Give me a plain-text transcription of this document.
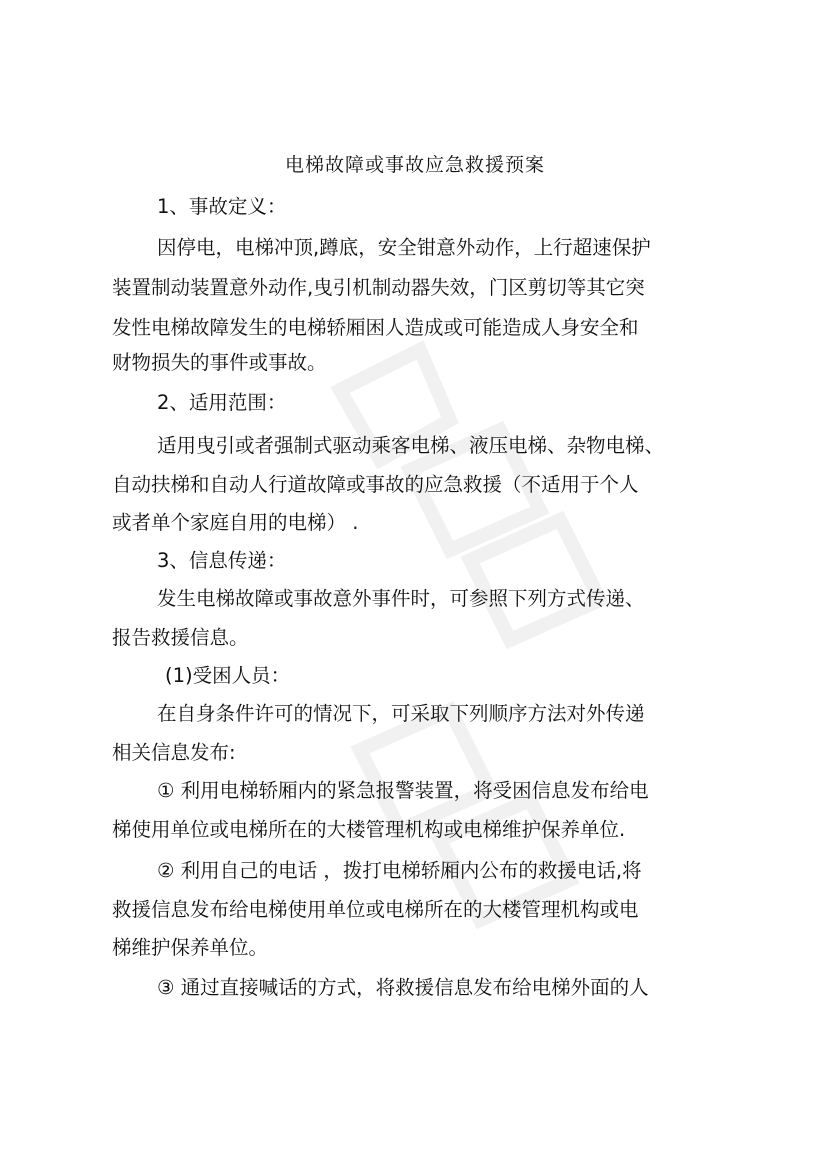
电梯故障或事故应急救援预案
1、事故定义：
因停电，电梯冲顶,蹲底，安全钳意外动作，上行超速保护
装置制动装置意外动作,曳引机制动器失效，门区剪切等其它突
发性电梯故障发生的电梯轿厢困人造成或可能造成人身安全和
财物损失的事件或事故。
2、适用范围：
适用曳引或者强制式驱动乘客电梯、液压电梯、杂物电梯、
自动扶梯和自动人行道故障或事故的应急救援（不适用于个人
或者单个家庭自用的电梯） .
3、信息传递：
发生电梯故障或事故意外事件时，可参照下列方式传递、
报告救援信息。
(1)受困人员：
在自身条件许可的情况下，可采取下列顺序方法对外传递
相关信息发布:
① 利用电梯轿厢内的紧急报警装置，将受困信息发布给电
梯使用单位或电梯所在的大楼管理机构或电梯维护保养单位.
② 利用自己的电话 ，拨打电梯轿厢内公布的救援电话,将
救援信息发布给电梯使用单位或电梯所在的大楼管理机构或电
梯维护保养单位。
③ 通过直接喊话的方式，将救援信息发布给电梯外面的人
